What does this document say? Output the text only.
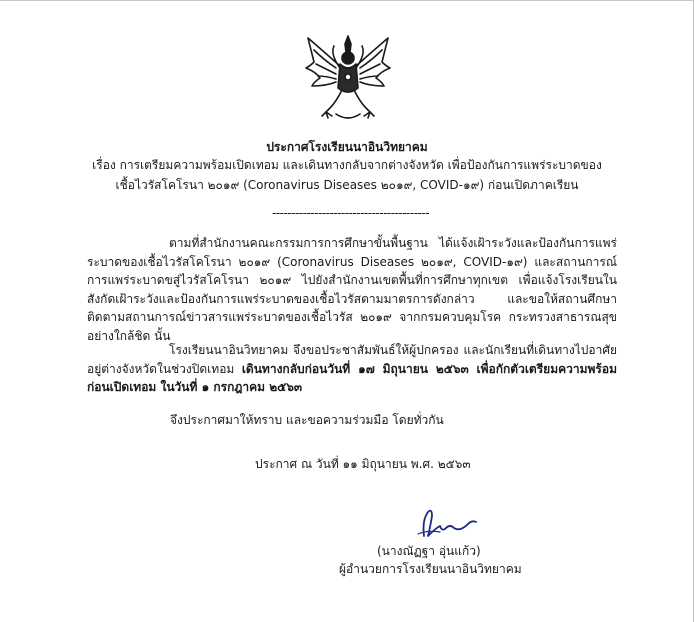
ประกาศโรงเรียนนาอินวิทยาคม
เรื่อง การเตรียมความพร้อมเปิดเทอม และเดินทางกลับจากต่างจังหวัด เพื่อป้องกันการแพร่ระบาดของ
เชื้อไวรัสโคโรนา ๒๐๑๙ (Coronavirus Diseases ๒๐๑๙, COVID-๑๙) ก่อนเปิดภาคเรียน
-----------------------------------------
ตามที่สำนักงานคณะกรรมการการศึกษาขั้นพื้นฐาน ได้แจ้งเฝ้าระวังและป้องกันการแพร่ระบาดของเชื้อไวรัสโคโรนา ๒๐๑๙ (Coronavirus Diseases ๒๐๑๙, COVID-๑๙) และสถานการณ์การแพร่ระบาดขสู่ไวรัสโคโรนา ๒๐๑๙ ไปยังสำนักงานเขตพื้นที่การศึกษาทุกเขต เพื่อแจ้งโรงเรียนในสังกัดเฝ้าระวังและป้องกันการแพร่ระบาดของเชื้อไวรัสตามมาตรการดังกล่าว และขอให้สถานศึกษาติดตามสถานการณ์ข่าวสารแพร่ระบาดของเชื้อไวรัส ๒๐๑๙ จากกรมควบคุมโรค กระทรวงสาธารณสุขอย่างใกล้ชิด นั้น
โรงเรียนนาอินวิทยาคม จึงขอประชาสัมพันธ์ให้ผู้ปกครอง และนักเรียนที่เดินทางไปอาศัยอยู่ต่างจังหวัดในช่วงปิดเทอม เดินทางกลับก่อนวันที่ ๑๗ มิถุนายน ๒๕๖๓ เพื่อกักตัวเตรียมความพร้อมก่อนเปิดเทอม ในวันที่ ๑ กรกฎาคม ๒๕๖๓
จึงประกาศมาให้ทราบ และขอความร่วมมือ โดยทั่วกัน
ประกาศ ณ วันที่ ๑๑ มิถุนายน พ.ศ. ๒๕๖๓
(นางณัฏฐา อุ่นแก้ว)
ผู้อำนวยการโรงเรียนนาอินวิทยาคม
